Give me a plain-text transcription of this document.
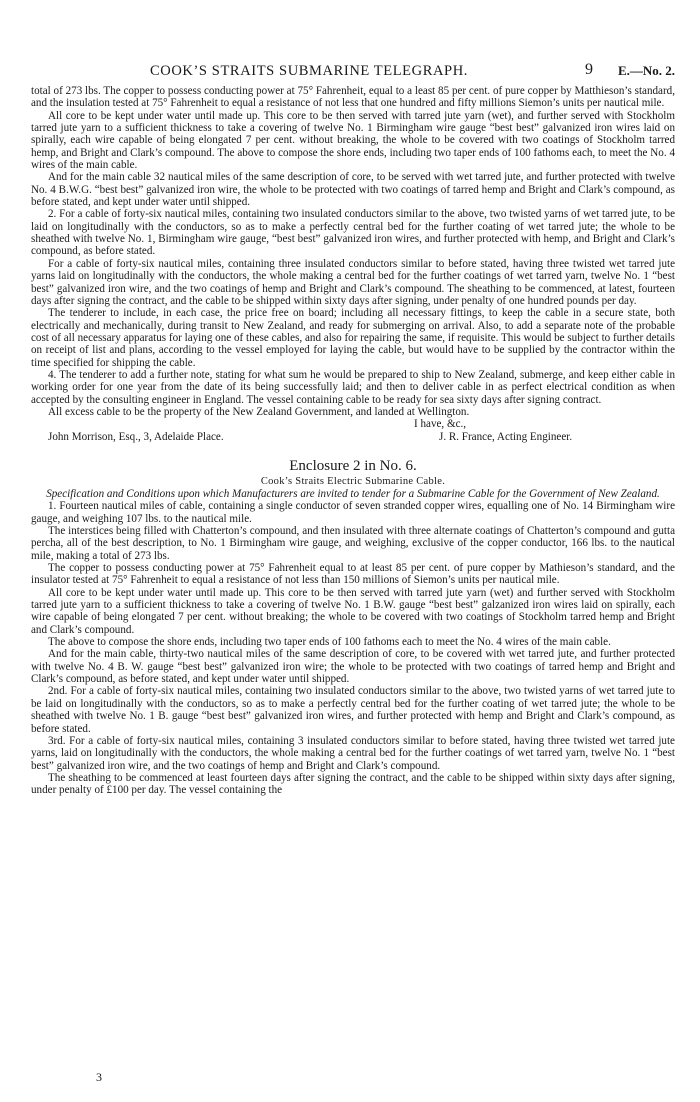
COOK’S STRAITS SUBMARINE TELEGRAPH.	9 E.—No. 2.

total of 273 lbs. The copper to possess conducting power at 75° Fahrenheit, equal to a least 85 per cent. of pure copper by Matthieson’s standard, and the insulation tested at 75° Fahrenheit to equal a resistance of not less that one hundred and fifty millions Siemon’s units per nautical mile.

All core to be kept under water until made up. This core to be then served with tarred jute yarn (wet), and further served with Stockholm tarred jute yarn to a sufficient thickness to take a covering of twelve No. 1 Birmingham wire gauge “best best” galvanized iron wires laid on spirally, each wire capable of being elongated 7 per cent. without breaking, the whole to be covered with two coatings of Stockholm tarred hemp, and Bright and Clark’s compound. The above to compose the shore ends, including two taper ends of 100 fathoms each, to meet the No. 4 wires of the main cable.

And for the main cable 32 nautical miles of the same description of core, to be served with wet tarred jute, and further protected with twelve No. 4 B.W.G. “best best” galvanized iron wire, the whole to be protected with two coatings of tarred hemp and Bright and Clark’s compound, as before stated, and kept under water until shipped.

2. For a cable of forty-six nautical miles, containing two insulated conductors similar to the above, two twisted yarns of wet tarred jute, to be laid on longitudinally with the conductors, so as to make a perfectly central bed for the further coating of wet tarred jute; the whole to be sheathed with twelve No. 1, Birmingham wire gauge, “best best” galvanized iron wires, and further protected with hemp, and Bright and Clark’s compound, as before stated.

For a cable of forty-six nautical miles, containing three insulated conductors similar to before stated, having three twisted wet tarred jute yarns laid on longitudinally with the conductors, the whole making a central bed for the further coatings of wet tarred yarn, twelve No. 1 “best best” galvanized iron wire, and the two coatings of hemp and Bright and Clark’s compound. The sheathing to be commenced, at latest, fourteen days after signing the contract, and the cable to be shipped within sixty days after signing, under penalty of one hundred pounds per day.

The tenderer to include, in each case, the price free on board; including all necessary fittings, to keep the cable in a secure state, both electrically and mechanically, during transit to New Zealand, and ready for submerging on arrival. Also, to add a separate note of the probable cost of all necessary apparatus for laying one of these cables, and also for repairing the same, if requisite. This would be subject to further details on receipt of list and plans, according to the vessel employed for laying the cable, but would have to be supplied by the contractor within the time specified for shipping the cable.

4. The tenderer to add a further note, stating for what sum he would be prepared to ship to New Zealand, submerge, and keep either cable in working order for one year from the date of its being successfully laid; and then to deliver cable in as perfect electrical condition as when accepted by the consulting engineer in England. The vessel containing cable to be ready for sea sixty days after signing contract.

All excess cable to be the property of the New Zealand Government, and landed at Wellington.

I have, &c.,
John Morrison, Esq., 3, Adelaide Place.	J. R. France, Acting Engineer.
Enclosure 2 in No. 6.
Cook’s Straits Electric Submarine Cable.

Specification and Conditions upon which Manufacturers are invited to tender for a Submarine Cable for the Government of New Zealand.

1. Fourteen nautical miles of cable, containing a single conductor of seven stranded copper wires, equalling one of No. 14 Birmingham wire gauge, and weighing 107 lbs. to the nautical mile.

The interstices being filled with Chatterton’s compound, and then insulated with three alternate coatings of Chatterton’s compound and gutta percha, all of the best description, to No. 1 Birmingham wire gauge, and weighing, exclusive of the copper conductor, 166 lbs. to the nautical mile, making a total of 273 lbs.

The copper to possess conducting power at 75° Fahrenheit equal to at least 85 per cent. of pure copper by Mathieson’s standard, and the insulator tested at 75° Fahrenheit to equal a resistance of not less than 150 millions of Siemon’s units per nautical mile.

All core to be kept under water until made up. This core to be then served with tarred jute yarn (wet) and further served with Stockholm tarred jute yarn to a sufficient thickness to take a covering of twelve No. 1 B.W. gauge “best best” galzanized iron wires laid on spirally, each wire capable of being elongated 7 per cent. without breaking; the whole to be covered with two coatings of Stockholm tarred hemp and Bright and Clark’s compound.

The above to compose the shore ends, including two taper ends of 100 fathoms each to meet the No. 4 wires of the main cable.

And for the main cable, thirty-two nautical miles of the same description of core, to be covered with wet tarred jute, and further protected with twelve No. 4 B. W. gauge “best best” galvanized iron wire; the whole to be protected with two coatings of tarred hemp and Bright and Clark’s compound, as before stated, and kept under water until shipped.

2nd. For a cable of forty-six nautical miles, containing two insulated conductors similar to the above, two twisted yarns of wet tarred jute to be laid on longitudinally with the conductors, so as to make a perfectly central bed for the further coating of wet tarred jute; the whole to be sheathed with twelve No. 1 B. gauge “best best” galvanized iron wires, and further protected with hemp and Bright and Clark’s compound, as before stated.

3rd. For a cable of forty-six nautical miles, containing 3 insulated conductors similar to before stated, having three twisted wet tarred jute yarns, laid on longitudinally with the conductors, the whole making a central bed for the further coatings of wet tarred yarn, twelve No. 1 “best best” galvanized iron wire, and the two coatings of hemp and Bright and Clark’s compound.

The sheathing to be commenced at least fourteen days after signing the contract, and the cable to be shipped within sixty days after signing, under penalty of £100 per day. The vessel containing the

3
